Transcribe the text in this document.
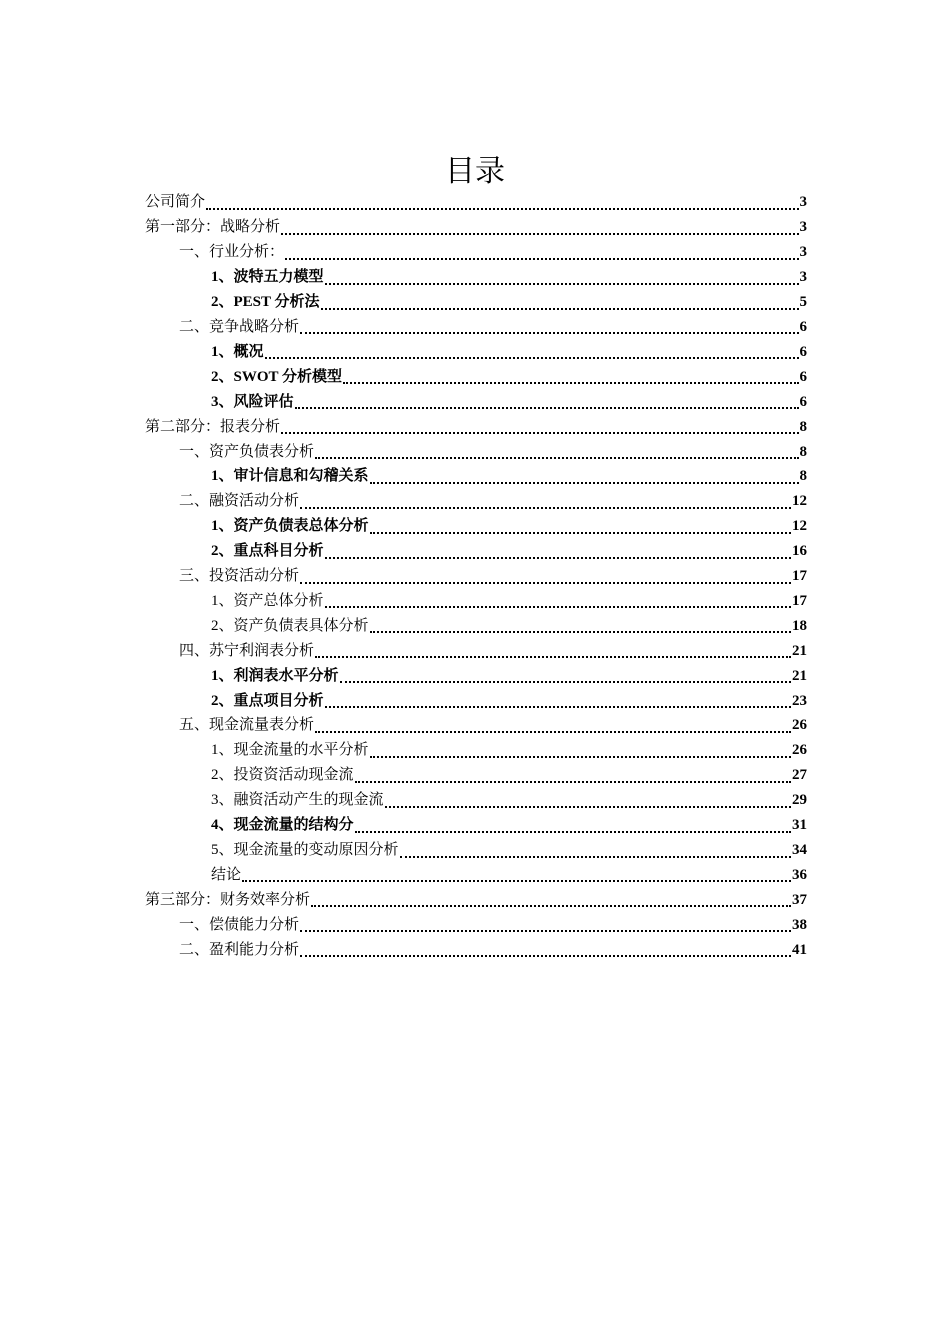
目录
公司简介	3
第一部分：战略分析	3
一、行业分析：	3
1、波特五力模型	3
2、PEST 分析法	5
二、竞争战略分析	6
1、概况	6
2、SWOT 分析模型	6
3、风险评估	6
第二部分：报表分析	8
一、资产负债表分析	8
1、审计信息和勾稽关系	8
二、融资活动分析	12
1、资产负债表总体分析	12
2、重点科目分析	16
三、投资活动分析	17
1、资产总体分析	17
2、资产负债表具体分析	18
四、苏宁利润表分析	21
1、利润表水平分析	21
2、重点项目分析	23
五、现金流量表分析	26
1、现金流量的水平分析	26
2、投资资活动现金流	27
3、融资活动产生的现金流	29
4、现金流量的结构分	31
5、现金流量的变动原因分析	34
结论	36
第三部分：财务效率分析	37
一、偿债能力分析	38
二、盈利能力分析	41
